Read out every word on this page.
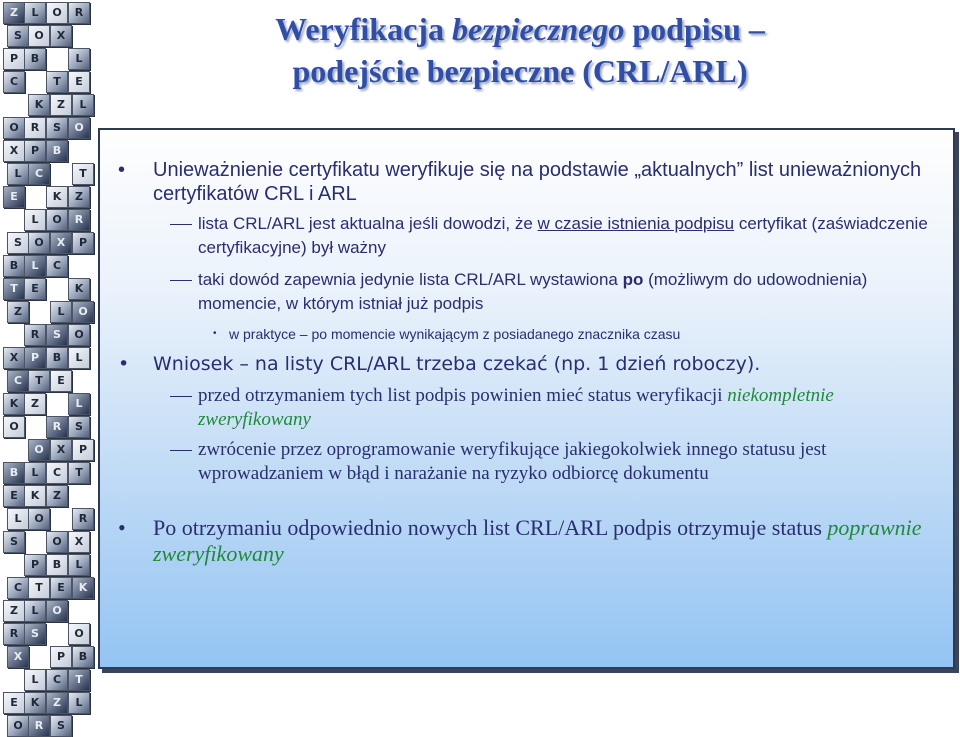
Z	L	O	R
S	O	X
P	B	L
C	T	E
K	Z	L
O	R	S	O
X	P	B
L	C	T
E	K	Z
L	O	R
S	O	X	P
B	L	C
T	E	K
Z	L	O
R	S	O
X	P	B	L
C	T	E
K	Z	L
O	R	S
O	X	P
B	L	C	T
E	K	Z
L	O	R
S	O	X
P	B	L
C	T	E	K
Z	L	O
R	S	O
X	P	B
L	C	T
E	K	Z	L
O	R	S
Weryfikacja bezpiecznego podpisu –
podejście bezpieczne (CRL/ARL)
•	Unieważnienie certyfikatu weryfikuje się na podstawie „aktualnych” list unieważnionych certyfikatów CRL i ARL
lista CRL/ARL jest aktualna jeśli dowodzi, że w czasie istnienia podpisu certyfikat (zaświadczenie certyfikacyjne) był ważny
taki dowód zapewnia jedynie lista CRL/ARL wystawiona po (możliwym do udowodnienia) momencie, w którym istniał już podpis
• w praktyce – po momencie wynikającym z posiadanego znacznika czasu
•	Wniosek – na listy CRL/ARL trzeba czekać (np. 1 dzień roboczy).
przed otrzymaniem tych list podpis powinien mieć status weryfikacji niekompletnie zweryfikowany
zwrócenie przez oprogramowanie weryfikujące jakiegokolwiek innego statusu jest wprowadzaniem w błąd i narażanie na ryzyko odbiorcę dokumentu
•	Po otrzymaniu odpowiednio nowych list CRL/ARL podpis otrzymuje status poprawnie zweryfikowany
